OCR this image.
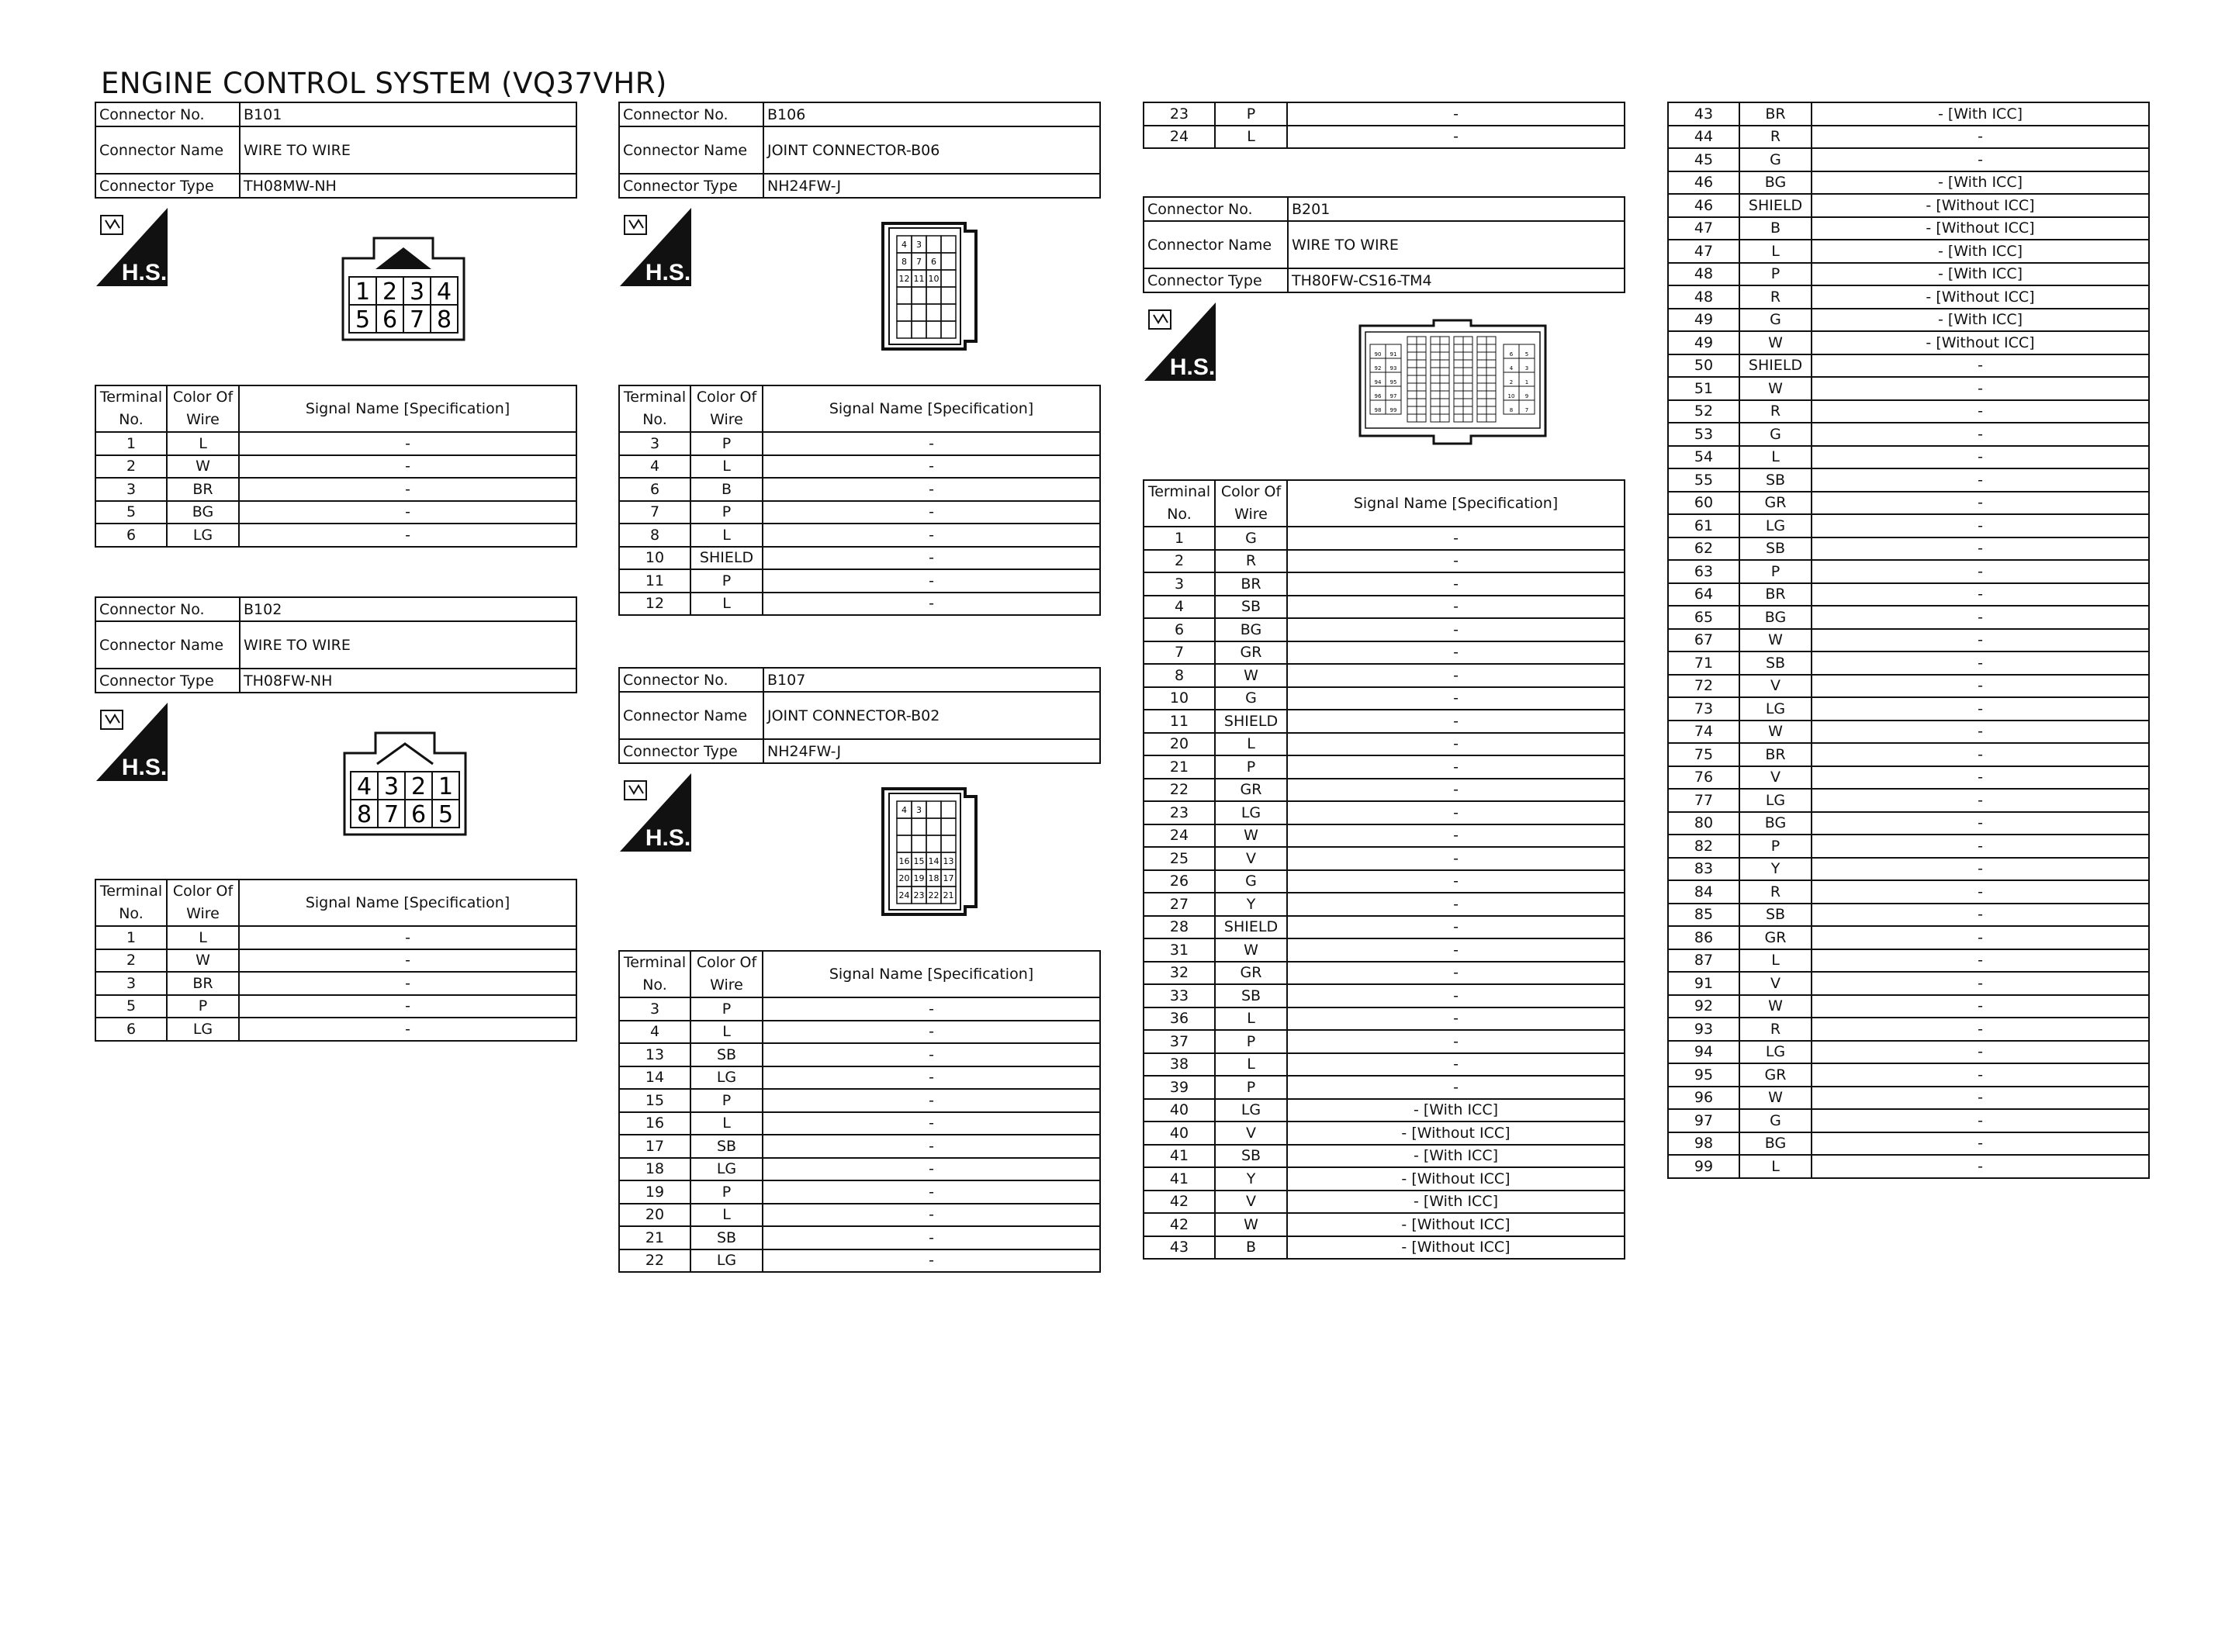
ENGINE CONTROL SYSTEM (VQ37VHR)
Connector No.	B101
Connector Name	WIRE TO WIRE
Connector Type	TH08MW-NH
H.S.
1 2 3 4
5 6 7 8
Terminal No.	Color Of Wire	Signal Name [Specification]
1	L	-
2	W	-
3	BR	-
5	BG	-
6	LG	-
Connector No.	B102
Connector Name	WIRE TO WIRE
Connector Type	TH08FW-NH
H.S.
4 3 2 1
8 7 6 5
Terminal No.	Color Of Wire	Signal Name [Specification]
1	L	-
2	W	-
3	BR	-
5	P	-
6	LG	-
Connector No.	B106
Connector Name	JOINT CONNECTOR-B06
Connector Type	NH24FW-J
H.S.
4 3
8 7 6
12 11 10
Terminal No.	Color Of Wire	Signal Name [Specification]
3	P	-
4	L	-
6	B	-
7	P	-
8	L	-
10	SHIELD	-
11	P	-
12	L	-
Connector No.	B107
Connector Name	JOINT CONNECTOR-B02
Connector Type	NH24FW-J
H.S.
4 3
16 15 14 13
20 19 18 17
24 23 22 21
Terminal No.	Color Of Wire	Signal Name [Specification]
3	P	-
4	L	-
13	SB	-
14	LG	-
15	P	-
16	L	-
17	SB	-
18	LG	-
19	P	-
20	L	-
21	SB	-
22	LG	-
23	P	-
24	L	-
Connector No.	B201
Connector Name	WIRE TO WIRE
Connector Type	TH80FW-CS16-TM4
H.S.	90 91
92 93
94 95
96 97
98 99
6 5
4 3
2 1
10 9
8 7
Terminal No.	Color Of Wire	Signal Name [Specification]
1	G	-
2	R	-
3	BR	-
4	SB	-
6	BG	-
7	GR	-
8	W	-
10	G	-
11	SHIELD	-
20	L	-
21	P	-
22	GR	-
23	LG	-
24	W	-
25	V	-
26	G	-
27	Y	-
28	SHIELD	-
31	W	-
32	GR	-
33	SB	-
36	L	-
37	P	-
38	L	-
39	P	-
40	LG	- [With ICC]
40	V	- [Without ICC]
41	SB	- [With ICC]
41	Y	- [Without ICC]
42	V	- [With ICC]
42	W	- [Without ICC]
43	B	- [Without ICC]
43	BR	- [With ICC]
44	R	-
45	G	-
46	BG	- [With ICC]
46	SHIELD	- [Without ICC]
47	B	- [Without ICC]
47	L	- [With ICC]
48	P	- [With ICC]
48	R	- [Without ICC]
49	G	- [With ICC]
49	W	- [Without ICC]
50	SHIELD	-
51	W	-
52	R	-
53	G	-
54	L	-
55	SB	-
60	GR	-
61	LG	-
62	SB	-
63	P	-
64	BR	-
65	BG	-
67	W	-
71	SB	-
72	V	-
73	LG	-
74	W	-
75	BR	-
76	V	-
77	LG	-
80	BG	-
82	P	-
83	Y	-
84	R	-
85	SB	-
86	GR	-
87	L	-
91	V	-
92	W	-
93	R	-
94	LG	-
95	GR	-
96	W	-
97	G	-
98	BG	-
99	L	-
